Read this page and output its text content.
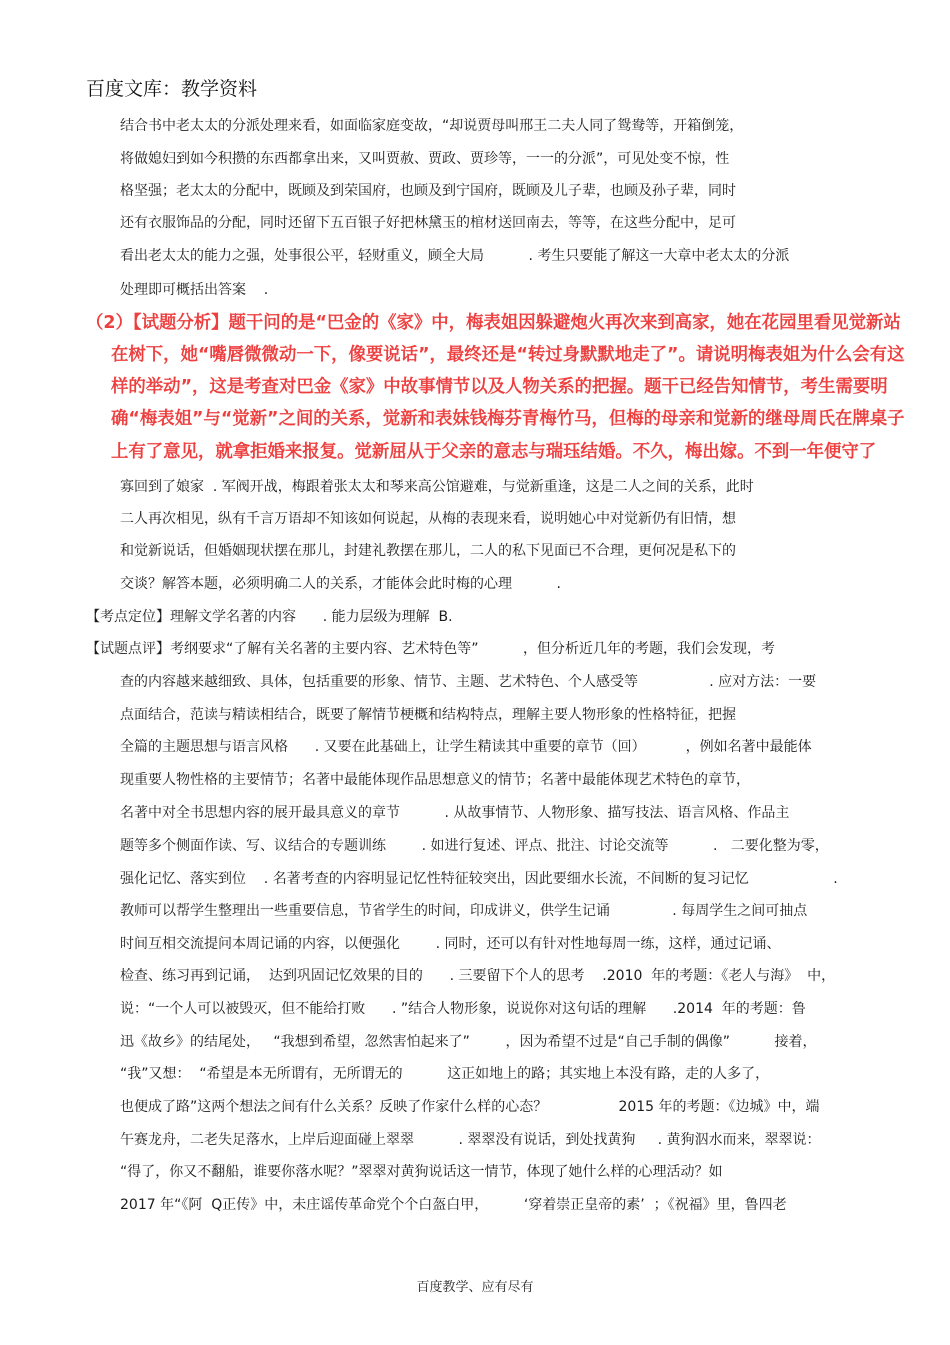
百度文库：教学资料
结合书中老太太的分派处理来看，如面临家庭变故，“却说贾母叫邢王二夫人同了鸳鸯等，开箱倒笼，
将做媳妇到如今积攒的东西都拿出来，又叫贾赦、贾政、贾珍等，一一的分派”，可见处变不惊，性
格坚强；老太太的分配中，既顾及到荣国府，也顾及到宁国府，既顾及儿子辈，也顾及孙子辈，同时
还有衣服饰品的分配，同时还留下五百银子好把林黛玉的棺材送回南去，等等，在这些分配中，足可
看出老太太的能力之强，处事很公平，轻财重义，顾全大局          . 考生只要能了解这一大章中老太太的分派
处理即可概括出答案    .
（2）【试题分析】题干问的是“巴金的《家》中，梅表姐因躲避炮火再次来到高家，她在花园里看见觉新站
在树下，她“嘴唇微微动一下，像要说话”，最终还是“转过身默默地走了”。请说明梅表姐为什么会有这
样的举动”，这是考查对巴金《家》中故事情节以及人物关系的把握。题干已经告知情节，考生需要明
确“梅表姐”与“觉新”之间的关系，觉新和表妹钱梅芬青梅竹马，但梅的母亲和觉新的继母周氏在牌桌子
上有了意见，就拿拒婚来报复。觉新屈从于父亲的意志与瑞珏结婚。不久，梅出嫁。不到一年便守了
寡回到了娘家  . 军阀开战，梅跟着张太太和琴来高公馆避难，与觉新重逢，这是二人之间的关系，此时
二人再次相见，纵有千言万语却不知该如何说起，从梅的表现来看，说明她心中对觉新仍有旧情，想
和觉新说话，但婚姻现状摆在那儿，封建礼教摆在那儿，二人的私下见面已不合理，更何况是私下的
交谈？解答本题，必须明确二人的关系，才能体会此时梅的心理          .
【考点定位】理解文学名著的内容      . 能力层级为理解  B.
【试题点评】考纲要求“了解有关名著的主要内容、艺术特色等”          ，但分析近几年的考题，我们会发现，考
查的内容越来越细致、具体，包括重要的形象、情节、主题、艺术特色、个人感受等                . 应对方法：一要
点面结合，范读与精读相结合，既要了解情节梗概和结构特点，理解主要人物形象的性格特征，把握
全篇的主题思想与语言风格      . 又要在此基础上，让学生精读其中重要的章节（回）         ，例如名著中最能体
现重要人物性格的主要情节；名著中最能体现作品思想意义的情节；名著中最能体现艺术特色的章节，
名著中对全书思想内容的展开最具意义的章节          . 从故事情节、人物形象、描写技法、语言风格、作品主
题等多个侧面作读、写、议结合的专题训练        . 如进行复述、评点、批注、讨论交流等          .   二要化整为零，
强化记忆、落实到位    . 名著考查的内容明显记忆性特征较突出，因此要细水长流，不间断的复习记忆                   .
教师可以帮学生整理出一些重要信息，节省学生的时间，印成讲义，供学生记诵              . 每周学生之间可抽点
时间互相交流提问本周记诵的内容，以便强化        . 同时，还可以有针对性地每周一练，这样，通过记诵、
检查、练习再到记诵，  达到巩固记忆效果的目的      . 三要留下个人的思考    .2010  年的考题：《老人与海》  中，
说：“一个人可以被毁灭，但不能给打败      . ”结合人物形象，说说你对这句话的理解      .2014  年的考题：鲁
迅《故乡》的结尾处，   “我想到希望，忽然害怕起来了”        ，因为希望不过是“自己手制的偶像”          接着，
“我”又想：  “希望是本无所谓有，无所谓无的          这正如地上的路；其实地上本没有路，走的人多了，
也便成了路”这两个想法之间有什么关系？反映了作家什么样的心态？                2015 年的考题：《边城》中，端
午赛龙舟，二老失足落水，上岸后迎面碰上翠翠          . 翠翠没有说话，到处找黄狗     . 黄狗泅水而来，翠翠说：
“得了，你又不翻船，谁要你落水呢？”翠翠对黄狗说话这一情节，体现了她什么样的心理活动？如
2017 年“《阿  Q正传》中，未庄谣传革命党个个白盔白甲，        ‘穿着崇正皇帝的素’  ；《祝福》里，鲁四老
百度教学、应有尽有
